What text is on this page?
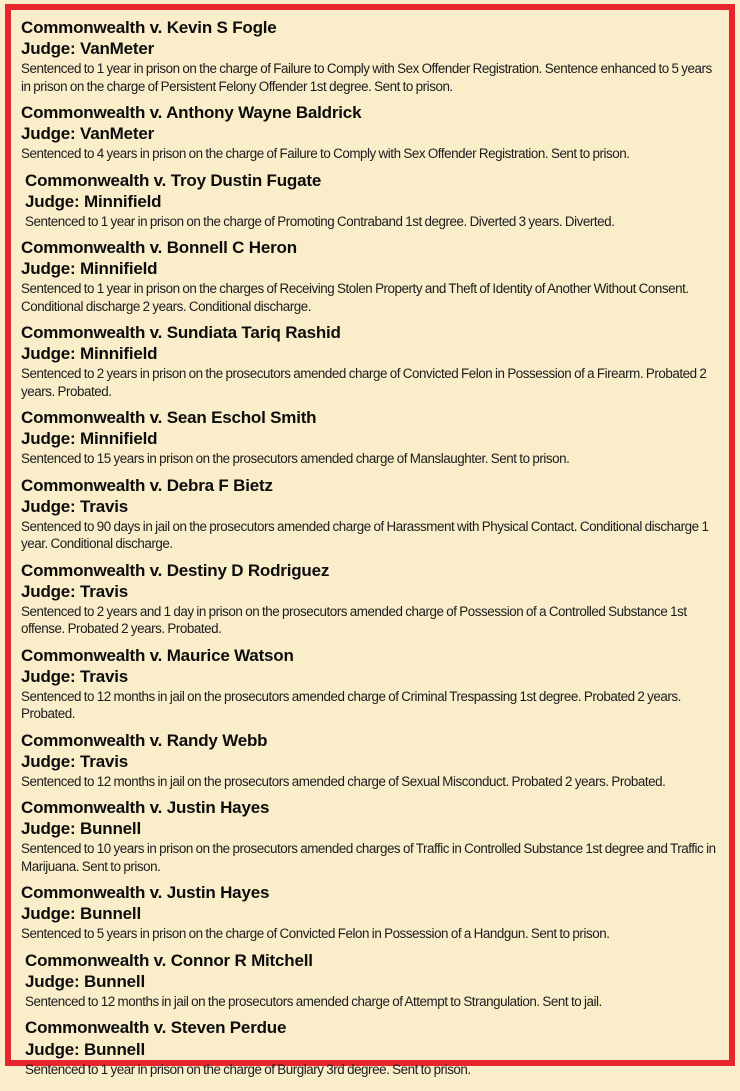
Commonwealth v. Kevin S Fogle
Judge: VanMeter
Sentenced to 1 year in prison on the charge of Failure to Comply with Sex Offender Registration. Sentence enhanced to 5 years in prison on the charge of Persistent Felony Offender 1st degree. Sent to prison.
Commonwealth v. Anthony Wayne Baldrick
Judge: VanMeter
Sentenced to 4 years in prison on the charge of Failure to Comply with Sex Offender Registration. Sent to prison.
Commonwealth v. Troy Dustin Fugate
Judge: Minnifield
Sentenced to 1 year in prison on the charge of Promoting Contraband 1st degree. Diverted 3 years. Diverted.
Commonwealth v. Bonnell C Heron
Judge: Minnifield
Sentenced to 1 year in prison on the charges of Receiving Stolen Property and Theft of Identity of Another Without Consent. Conditional discharge 2 years. Conditional discharge.
Commonwealth v. Sundiata Tariq Rashid
Judge: Minnifield
Sentenced to 2 years in prison on the prosecutors amended charge of Convicted Felon in Possession of a Firearm. Probated 2 years. Probated.
Commonwealth v. Sean Eschol Smith
Judge: Minnifield
Sentenced to 15 years in prison on the prosecutors amended charge of Manslaughter. Sent to prison.
Commonwealth v. Debra F Bietz
Judge: Travis
Sentenced to 90 days in jail on the prosecutors amended charge of Harassment with Physical Contact. Conditional discharge 1 year. Conditional discharge.
Commonwealth v. Destiny D Rodriguez
Judge: Travis
Sentenced to 2 years and 1 day in prison on the prosecutors amended charge of Possession of a Controlled Substance 1st offense. Probated 2 years. Probated.
Commonwealth v. Maurice Watson
Judge: Travis
Sentenced to 12 months in jail on the prosecutors amended charge of Criminal Trespassing 1st degree. Probated 2 years. Probated.
Commonwealth v. Randy Webb
Judge: Travis
Sentenced to 12 months in jail on the prosecutors amended charge of Sexual Misconduct. Probated 2 years. Probated.
Commonwealth v. Justin Hayes
Judge: Bunnell
Sentenced to 10 years in prison on the prosecutors amended charges of Traffic in Controlled Substance 1st degree and Traffic in Marijuana. Sent to prison.
Commonwealth v. Justin Hayes
Judge: Bunnell
Sentenced to 5 years in prison on the charge of Convicted Felon in Possession of a Handgun. Sent to prison.
Commonwealth v. Connor R Mitchell
Judge: Bunnell
Sentenced to 12 months in jail on the prosecutors amended charge of Attempt to Strangulation. Sent to jail.
Commonwealth v. Steven Perdue
Judge: Bunnell
Sentenced to 1 year in prison on the charge of Burglary 3rd degree. Sent to prison.
